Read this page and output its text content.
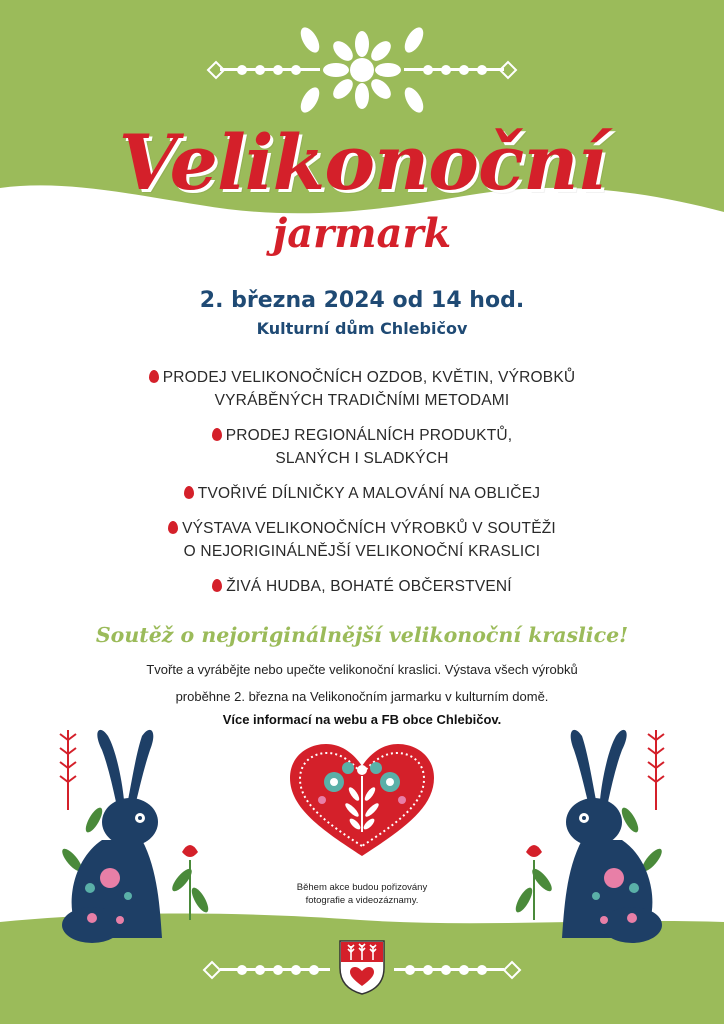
Velikonoční
jarmark
2. března 2024 od 14 hod.
Kulturní dům Chlebičov
PRODEJ VELIKONOČNÍCH OZDOB, KVĚTIN, VÝROBKŮ
VYRÁBĚNÝCH TRADIČNÍMI METODAMI
PRODEJ REGIONÁLNÍCH PRODUKTŮ,
SLANÝCH I SLADKÝCH
TVOŘIVÉ DÍLNIČKY A MALOVÁNÍ NA OBLIČEJ
VÝSTAVA VELIKONOČNÍCH VÝROBKŮ V SOUTĚŽI
O NEJORIGINÁLNĚJŠÍ VELIKONOČNÍ KRASLICI
ŽIVÁ HUDBA, BOHATÉ OBČERSTVENÍ
Soutěž o nejoriginálnější velikonoční kraslice!
Tvořte a vyrábějte nebo upečte velikonoční kraslici. Výstava všech výrobků
proběhne 2. března na Velikonočním jarmarku v kulturním domě.
Více informací na webu a FB obce Chlebičov.
Během akce budou pořizovány
fotografie a videozáznamy.
